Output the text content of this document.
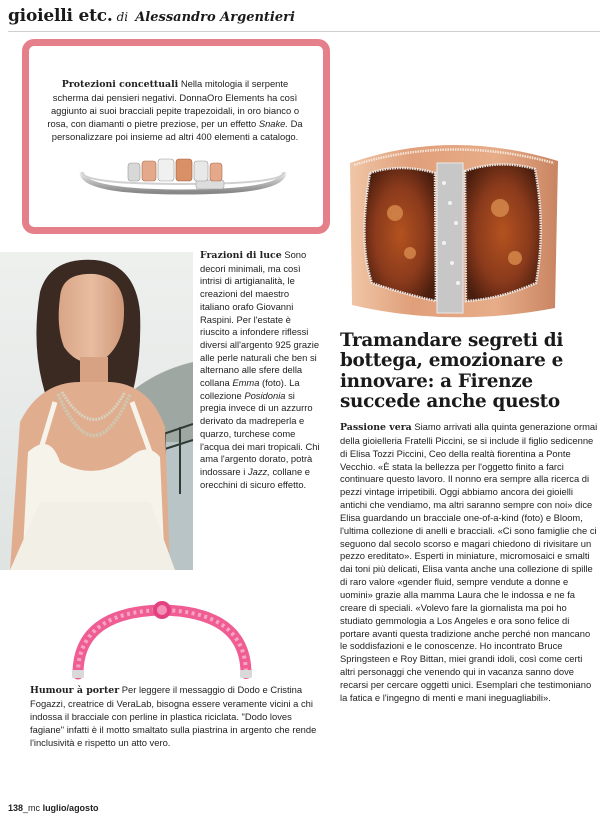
gioielli etc. di Alessandro Argentieri
Protezioni concettuali Nella mitologia il serpente scherma dai pensieri negativi. DonnaOro Elements ha così aggiunto ai suoi bracciali pepite trapezoidali, in oro bianco o rosa, con diamanti o pietre preziose, per un effetto Snake. Da personalizzare poi insieme ad altri 400 elementi a catalogo.
Frazioni di luce Sono decori minimali, ma così intrisi di artigianalità, le creazioni del maestro italiano orafo Giovanni Raspini. Per l'estate è riuscito a infondere riflessi diversi all'argento 925 grazie alle perle naturali che ben si alternano alle sfere della collana Emma (foto). La collezione Posidonia si pregia invece di un azzurro derivato da madreperla e quarzo, turchese come l'acqua dei mari tropicali. Chi ama l'argento dorato, potrà indossare i Jazz, collane e orecchini di sicuro effetto.
Tramandare segreti di bottega, emozionare e innovare: a Firenze succede anche questo
Passione vera Siamo arrivati alla quinta generazione ormai della gioielleria Fratelli Piccini, se si include il figlio sedicenne di Elisa Tozzi Piccini, Ceo della realtà fiorentina a Ponte Vecchio. «È stata la bellezza per l'oggetto finito a farci continuare questo lavoro. Il nonno era sempre alla ricerca di pezzi vintage irripetibili. Oggi abbiamo ancora dei gioielli antichi che vendiamo, ma altri saranno sempre con noi» dice Elisa guardando un bracciale one-of-a-kind (foto) e Bloom, l'ultima collezione di anelli e bracciali. «Ci sono famiglie che ci seguono dal secolo scorso e magari chiedono di rivisitare un pezzo ereditato». Esperti in miniature, micromosaici e smalti dai toni più delicati, Elisa vanta anche una collezione di spille di raro valore «gender fluid, sempre vendute a donne e uomini» grazie alla mamma Laura che le indossa e ne fa creare di speciali. «Volevo fare la giornalista ma poi ho studiato gemmologia a Los Angeles e ora sono felice di portare avanti questa tradizione anche perché non mancano le soddisfazioni e le conoscenze. Ho incontrato Bruce Springsteen e Roy Bittan, miei grandi idoli, così come certi altri personaggi che venendo qui in vacanza sanno dove recarsi per cercare oggetti unici. Esemplari che testimoniano la fatica e l'ingegno di menti e mani ineguagliabili».
Humour à porter Per leggere il messaggio di Dodo e Cristina Fogazzi, creatrice di VeraLab, bisogna essere veramente vicini a chi indossa il bracciale con perline in plastica riciclata. "Dodo loves fagiane" infatti è il motto smaltato sulla piastrina in argento che rende l'inclusività e rispetto un atto vero.
138_mc luglio/agosto
